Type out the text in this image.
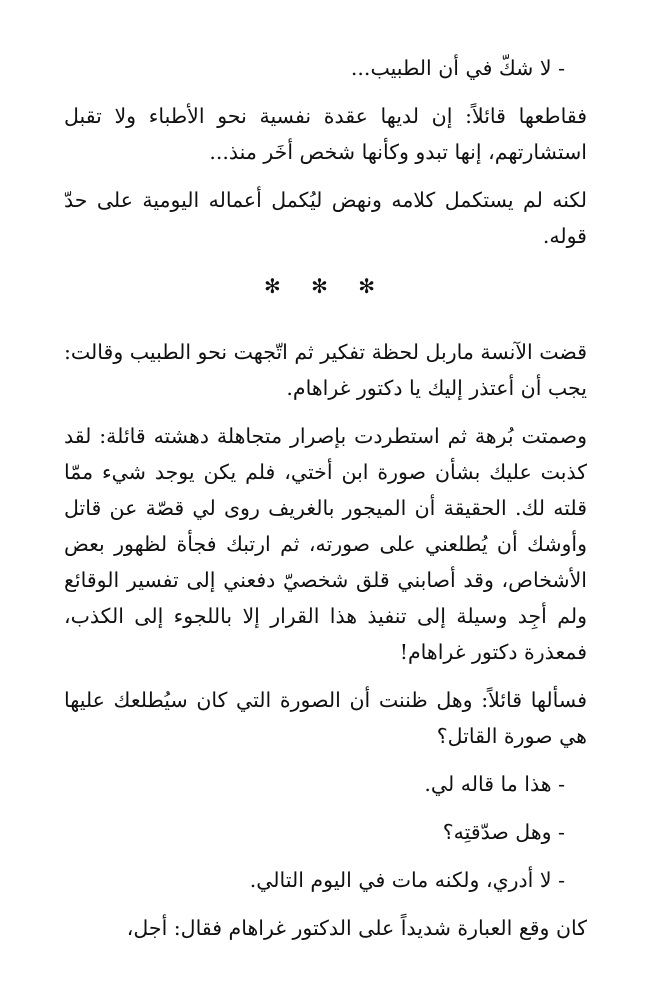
- لا شكّ في أن الطبيب...

فقاطعها قائلاً: إن لديها عقدة نفسية نحو الأطباء ولا تقبل استشارتهم، إنها تبدو وكأنها شخص أخَر منذ...

لكنه لم يستكمل كلامه ونهض ليُكمل أعماله اليومية على حدّ قوله.

✻ ✻ ✻

قضت الآنسة ماربل لحظة تفكير ثم اتّجهت نحو الطبيب وقالت: يجب أن أعتذر إليك يا دكتور غراهام.

وصمتت بُرهة ثم استطردت بإصرار متجاهلة دهشته قائلة: لقد كذبت عليك بشأن صورة ابن أختي، فلم يكن يوجد شيء ممّا قلته لك. الحقيقة أن الميجور بالغريف روى لي قصّة عن قاتل وأوشك أن يُطلعني على صورته، ثم ارتبك فجأة لظهور بعض الأشخاص، وقد أصابني قلق شخصيّ دفعني إلى تفسير الوقائع ولم أجِد وسيلة إلى تنفيذ هذا القرار إلا باللجوء إلى الكذب، فمعذرة دكتور غراهام!

فسألها قائلاً: وهل ظننت أن الصورة التي كان سيُطلعك عليها هي صورة القاتل؟

- هذا ما قاله لي.

- وهل صدّقتِه؟

- لا أدري، ولكنه مات في اليوم التالي.

كان وقع العبارة شديداً على الدكتور غراهام فقال: أجل،
